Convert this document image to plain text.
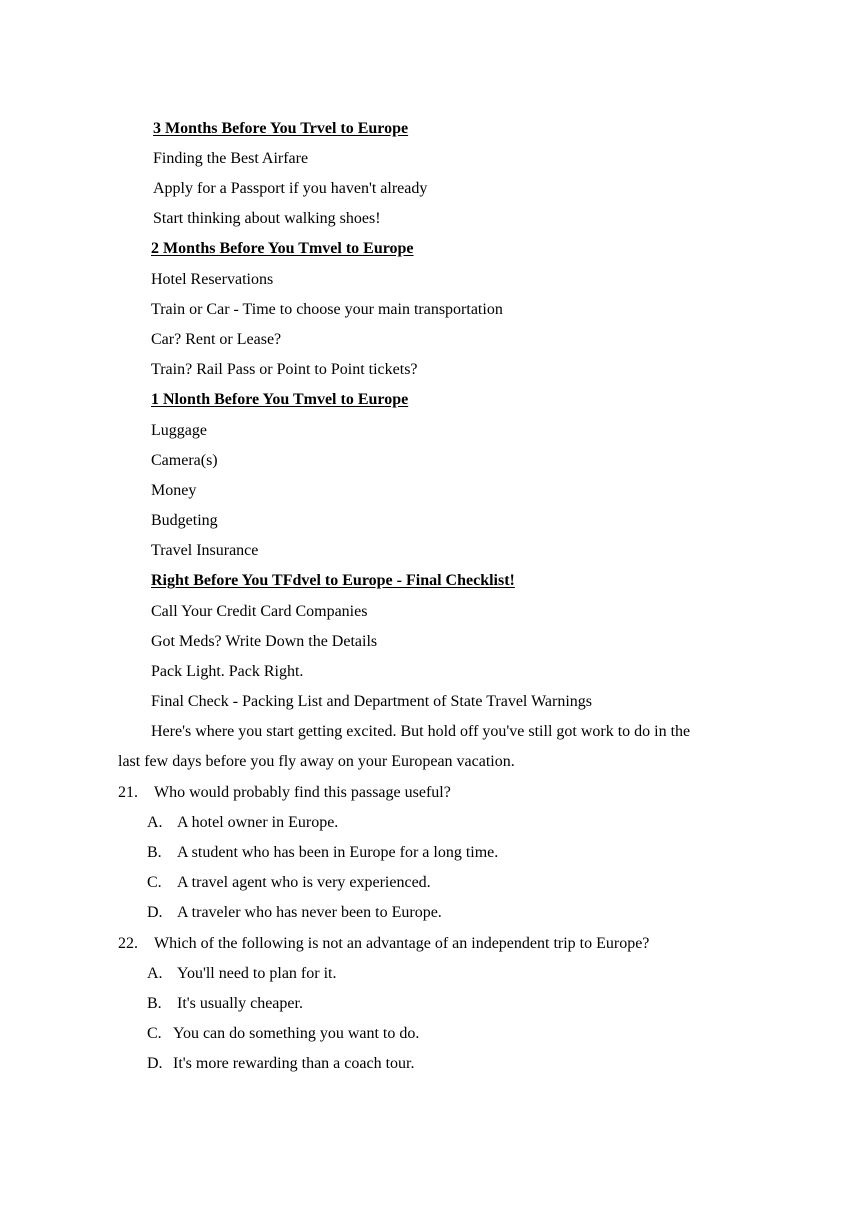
3 Months Before You Trvel to Europe
Finding the Best Airfare
Apply for a Passport if you haven't already
Start thinking about walking shoes!
2 Months Before You Tmvel to Europe
Hotel Reservations
Train or Car - Time to choose your main transportation
Car? Rent or Lease?
Train? Rail Pass or Point to Point tickets?
1 Nlonth Before You Tmvel to Europe
Luggage
Camera(s)
Money
Budgeting
Travel Insurance
Right Before You TFdvel to Europe - Final Checklist!
Call Your Credit Card Companies
Got Meds? Write Down the Details
Pack Light. Pack Right.
Final Check - Packing List and Department of State Travel Warnings
Here's where you start getting excited. But hold off you've still got work to do in the
last few days before you fly away on your European vacation.
21. Who would probably find this passage useful?
A. A hotel owner in Europe.
B. A student who has been in Europe for a long time.
C. A travel agent who is very experienced.
D. A traveler who has never been to Europe.
22. Which of the following is not an advantage of an independent trip to Europe?
A. You'll need to plan for it.
B. It's usually cheaper.
C. You can do something you want to do.
D. It's more rewarding than a coach tour.
